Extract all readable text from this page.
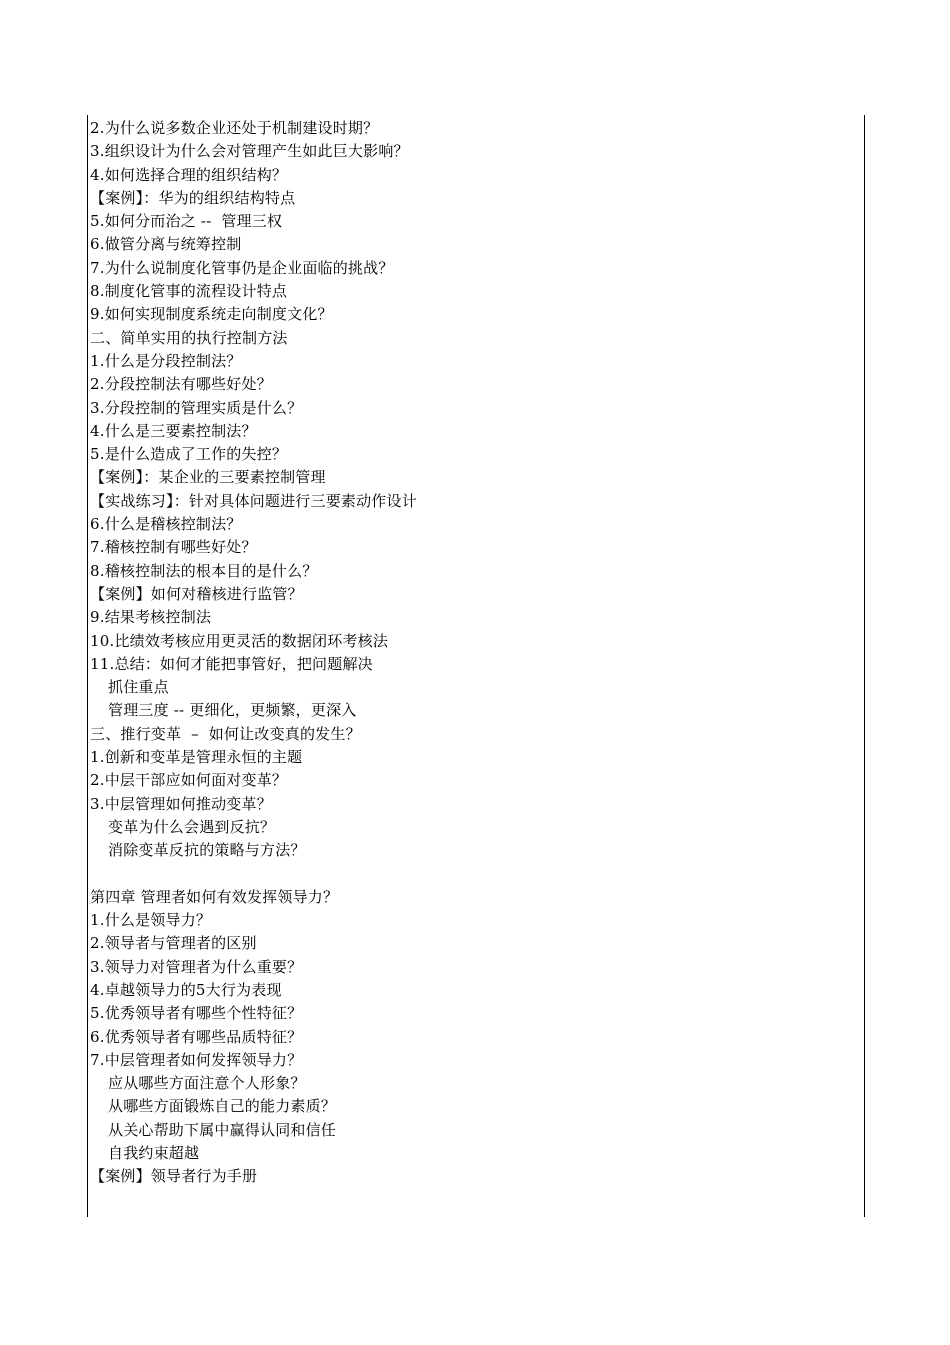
2.为什么说多数企业还处于机制建设时期？
3.组织设计为什么会对管理产生如此巨大影响？
4.如何选择合理的组织结构？
【案例】：华为的组织结构特点
5.如何分而治之 --  管理三权
6.做管分离与统筹控制
7.为什么说制度化管事仍是企业面临的挑战？
8.制度化管事的流程设计特点
9.如何实现制度系统走向制度文化？
二、简单实用的执行控制方法
1.什么是分段控制法？
2.分段控制法有哪些好处？
3.分段控制的管理实质是什么？
4.什么是三要素控制法？
5.是什么造成了工作的失控？
【案例】：某企业的三要素控制管理
【实战练习】：针对具体问题进行三要素动作设计
6.什么是稽核控制法？
7.稽核控制有哪些好处？
8.稽核控制法的根本目的是什么？
【案例】如何对稽核进行监管？
9.结果考核控制法
10.比绩效考核应用更灵活的数据闭环考核法
11.总结：如何才能把事管好，把问题解决
抓住重点
管理三度 -- 更细化，更频繁，更深入
三、推行变革  –  如何让改变真的发生？
1.创新和变革是管理永恒的主题
2.中层干部应如何面对变革？
3.中层管理如何推动变革？
变革为什么会遇到反抗？
消除变革反抗的策略与方法？
第四章 管理者如何有效发挥领导力？
1.什么是领导力？
2.领导者与管理者的区别
3.领导力对管理者为什么重要？
4.卓越领导力的5大行为表现
5.优秀领导者有哪些个性特征？
6.优秀领导者有哪些品质特征？
7.中层管理者如何发挥领导力？
应从哪些方面注意个人形象？
从哪些方面锻炼自己的能力素质？
从关心帮助下属中赢得认同和信任
自我约束超越
【案例】领导者行为手册
